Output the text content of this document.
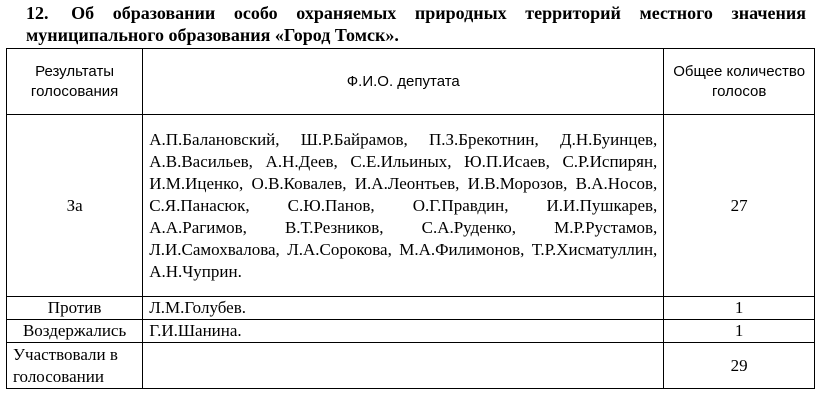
12. Об образовании особо охраняемых природных территорий местного значения муниципального образования «Город Томск».
Результаты голосования	Ф.И.О. депутата	Общее количество голосов
За	А.П.Балановский, Ш.Р.Байрамов, П.З.Брекотнин, Д.Н.Буинцев, А.В.Васильев, А.Н.Деев, С.Е.Ильиных, Ю.П.Исаев, С.Р.Испирян, И.М.Иценко, О.В.Ковалев, И.А.Леонтьев, И.В.Морозов, В.А.Носов, С.Я.Панасюк, С.Ю.Панов, О.Г.Правдин, И.И.Пушкарев, А.А.Рагимов, В.Т.Резников, С.А.Руденко, М.Р.Рустамов, Л.И.Самохвалова, Л.А.Сорокова, М.А.Филимонов, Т.Р.Хисматуллин, А.Н.Чуприн.	27
Против	Л.М.Голубев.	1
Воздержались	Г.И.Шанина.	1
Участвовали в голосовании		29
